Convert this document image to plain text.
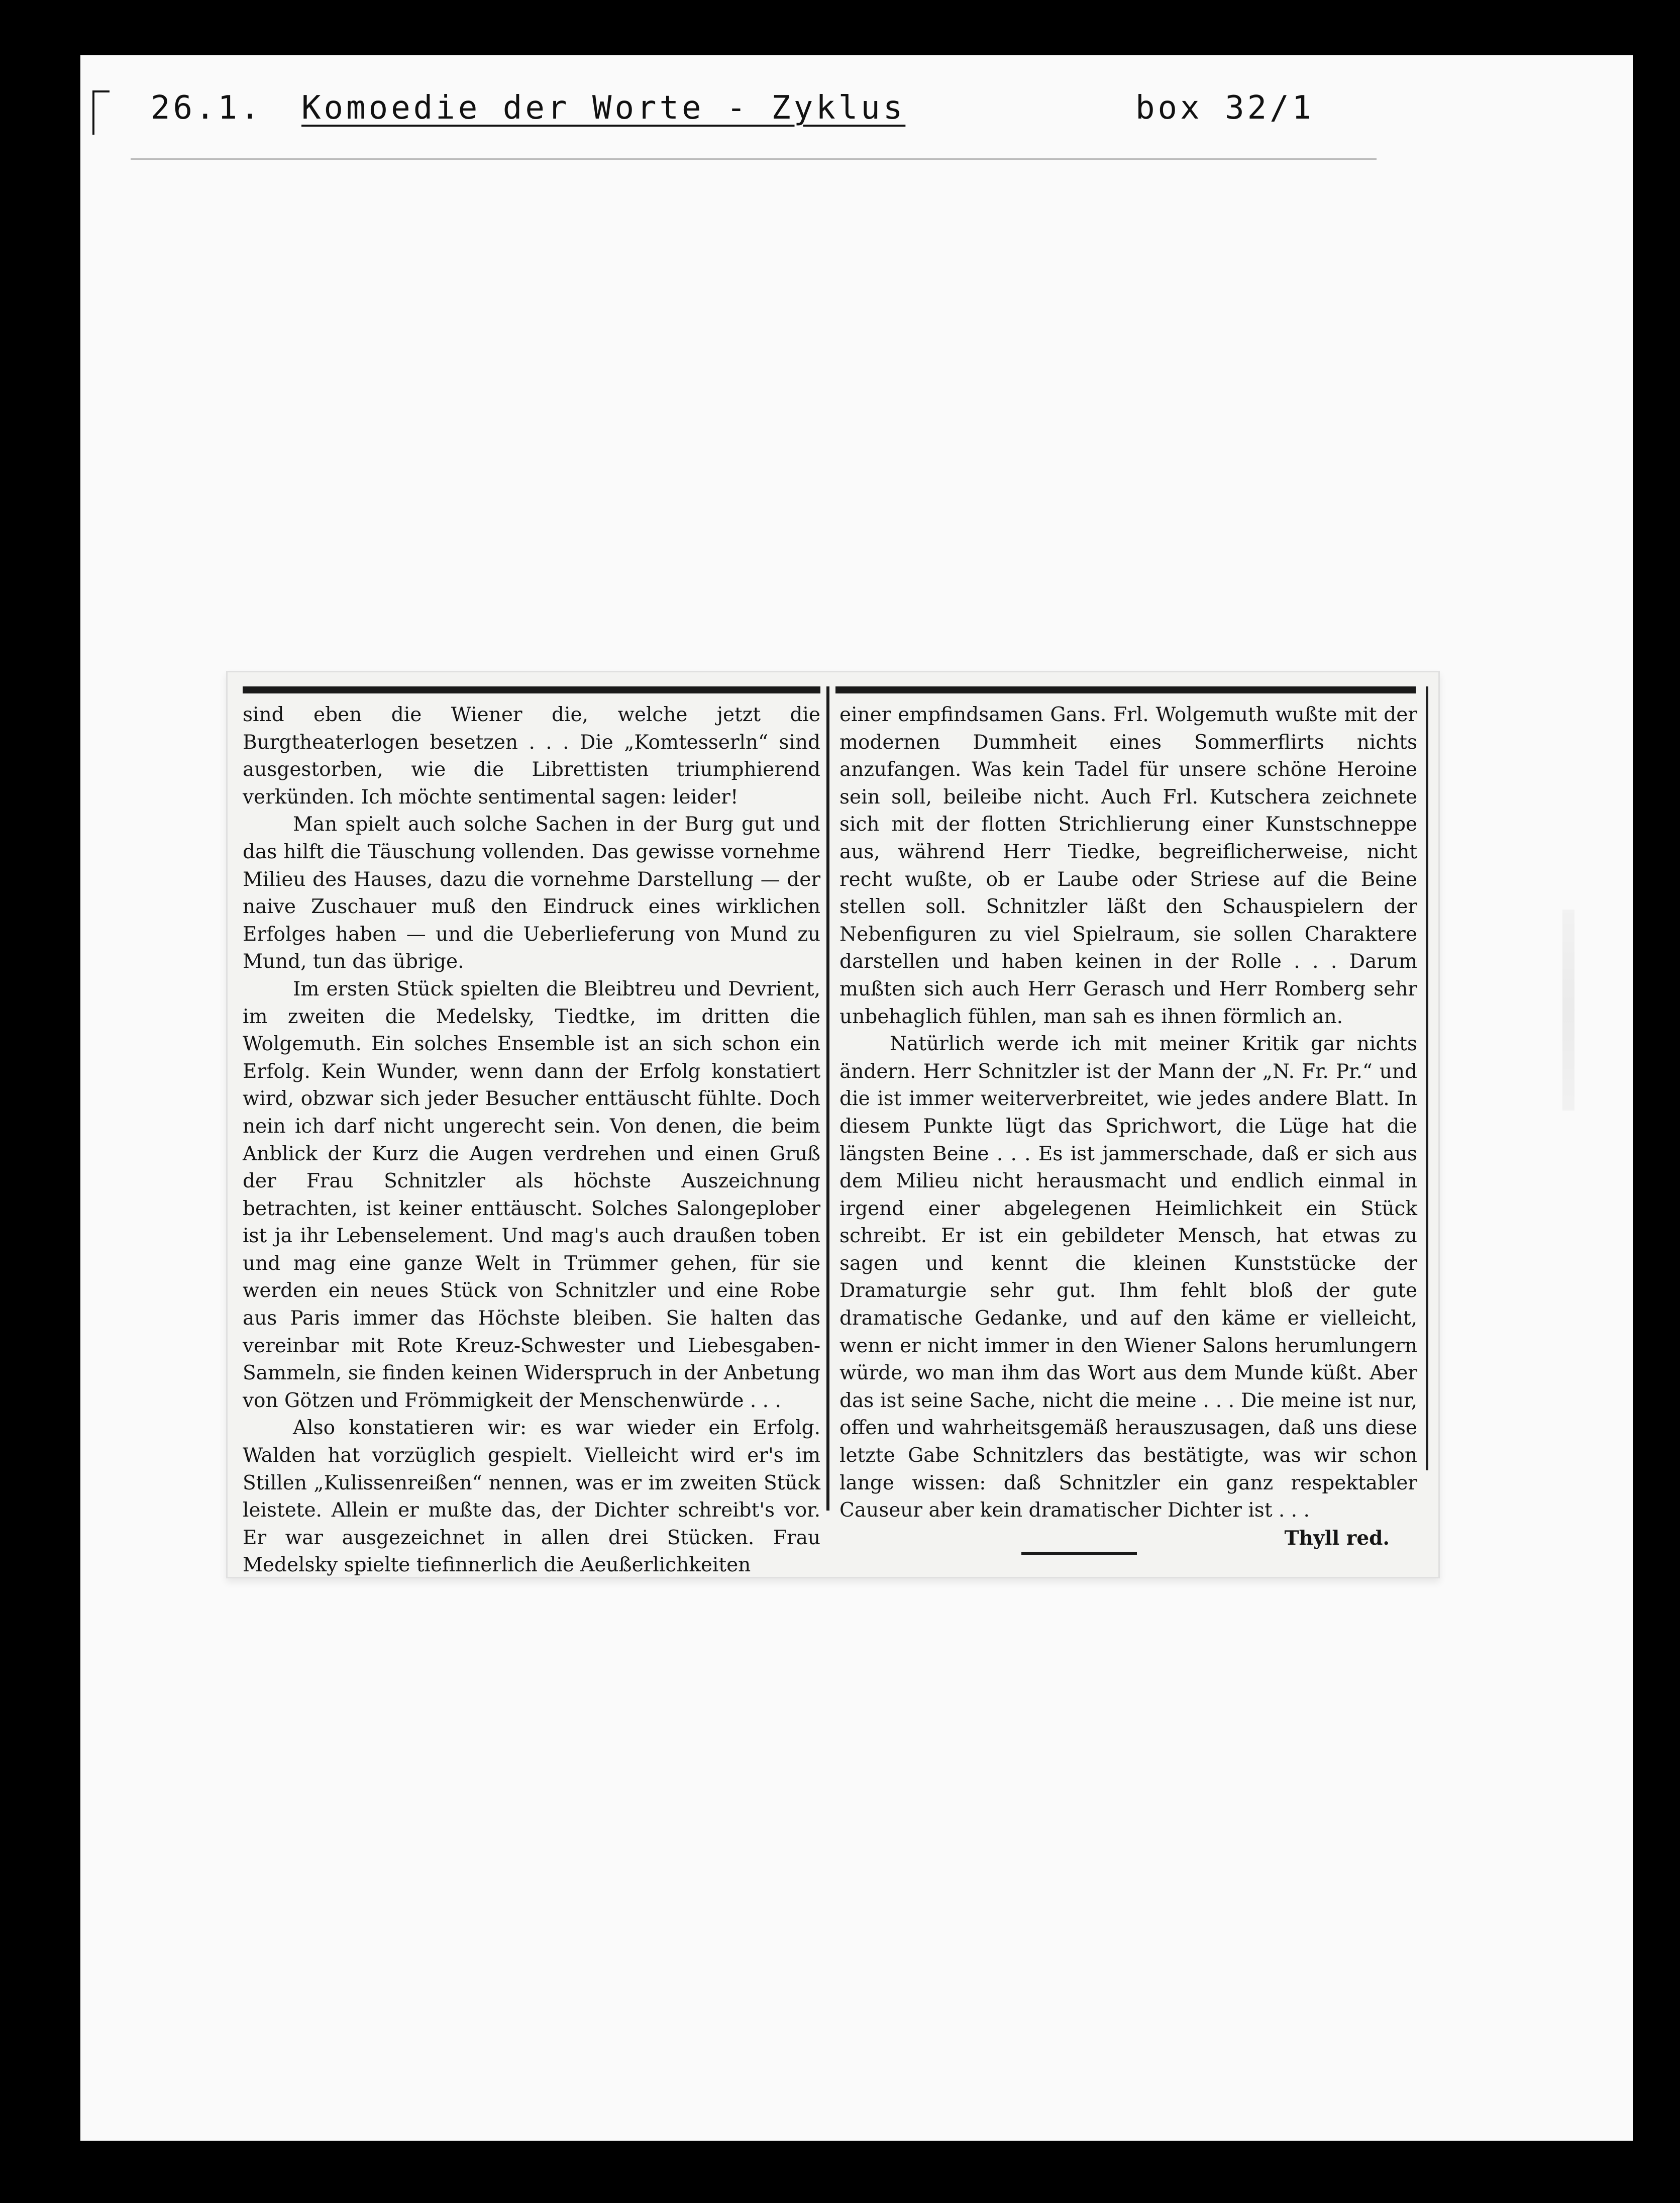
26.1. Komoedie der Worte - Zyklus	box 32/1

sind eben die Wiener die, welche jetzt die Burgtheaterlogen besetzen . . . Die „Komtesserln“ sind ausgestorben, wie die Librettisten triumphierend verkünden. Ich möchte sentimental sagen: leider!

Man spielt auch solche Sachen in der Burg gut und das hilft die Täuschung vollenden. Das gewisse vornehme Milieu des Hauses, dazu die vornehme Darstellung — der naive Zuschauer muß den Eindruck eines wirklichen Erfolges haben — und die Ueberlieferung von Mund zu Mund, tun das übrige.

Im ersten Stück spielten die Bleibtreu und Devrient, im zweiten die Medelsky, Tiedtke, im dritten die Wolgemuth. Ein solches Ensemble ist an sich schon ein Erfolg. Kein Wunder, wenn dann der Erfolg konstatiert wird, obzwar sich jeder Besucher enttäuscht fühlte. Doch nein ich darf nicht ungerecht sein. Von denen, die beim Anblick der Kurz die Augen verdrehen und einen Gruß der Frau Schnitzler als höchste Auszeichnung betrachten, ist keiner enttäuscht. Solches Salongeplober ist ja ihr Lebenselement. Und mag's auch draußen toben und mag eine ganze Welt in Trümmer gehen, für sie werden ein neues Stück von Schnitzler und eine Robe aus Paris immer das Höchste bleiben. Sie halten das vereinbar mit Rote Kreuz-Schwester und Liebesgaben-Sammeln, sie finden keinen Widerspruch in der Anbetung von Götzen und Frömmigkeit der Menschenwürde . . .

Also konstatieren wir: es war wieder ein Erfolg. Walden hat vorzüglich gespielt. Vielleicht wird er's im Stillen „Kulissenreißen“ nennen, was er im zweiten Stück leistete. Allein er mußte das, der Dichter schreibt's vor. Er war ausgezeichnet in allen drei Stücken. Frau Medelsky spielte tiefinnerlich die Aeußerlichkeiten

einer empfindsamen Gans. Frl. Wolgemuth wußte mit der modernen Dummheit eines Sommerflirts nichts anzufangen. Was kein Tadel für unsere schöne Heroine sein soll, beileibe nicht. Auch Frl. Kutschera zeichnete sich mit der flotten Strichlierung einer Kunstschneppe aus, während Herr Tiedke, begreiflicherweise, nicht recht wußte, ob er Laube oder Striese auf die Beine stellen soll. Schnitzler läßt den Schauspielern der Nebenfiguren zu viel Spielraum, sie sollen Charaktere darstellen und haben keinen in der Rolle . . . Darum mußten sich auch Herr Gerasch und Herr Romberg sehr unbehaglich fühlen, man sah es ihnen förmlich an.

Natürlich werde ich mit meiner Kritik gar nichts ändern. Herr Schnitzler ist der Mann der „N. Fr. Pr.“ und die ist immer weiterverbreitet, wie jedes andere Blatt. In diesem Punkte lügt das Sprichwort, die Lüge hat die längsten Beine . . . Es ist jammerschade, daß er sich aus dem Milieu nicht herausmacht und endlich einmal in irgend einer abgelegenen Heimlichkeit ein Stück schreibt. Er ist ein gebildeter Mensch, hat etwas zu sagen und kennt die kleinen Kunststücke der Dramaturgie sehr gut. Ihm fehlt bloß der gute dramatische Gedanke, und auf den käme er vielleicht, wenn er nicht immer in den Wiener Salons herumlungern würde, wo man ihm das Wort aus dem Munde küßt. Aber das ist seine Sache, nicht die meine . . . Die meine ist nur, offen und wahrheitsgemäß herauszusagen, daß uns diese letzte Gabe Schnitzlers das bestätigte, was wir schon lange wissen: daß Schnitzler ein ganz respektabler Causeur aber kein dramatischer Dichter ist . . .

Thyll red.
